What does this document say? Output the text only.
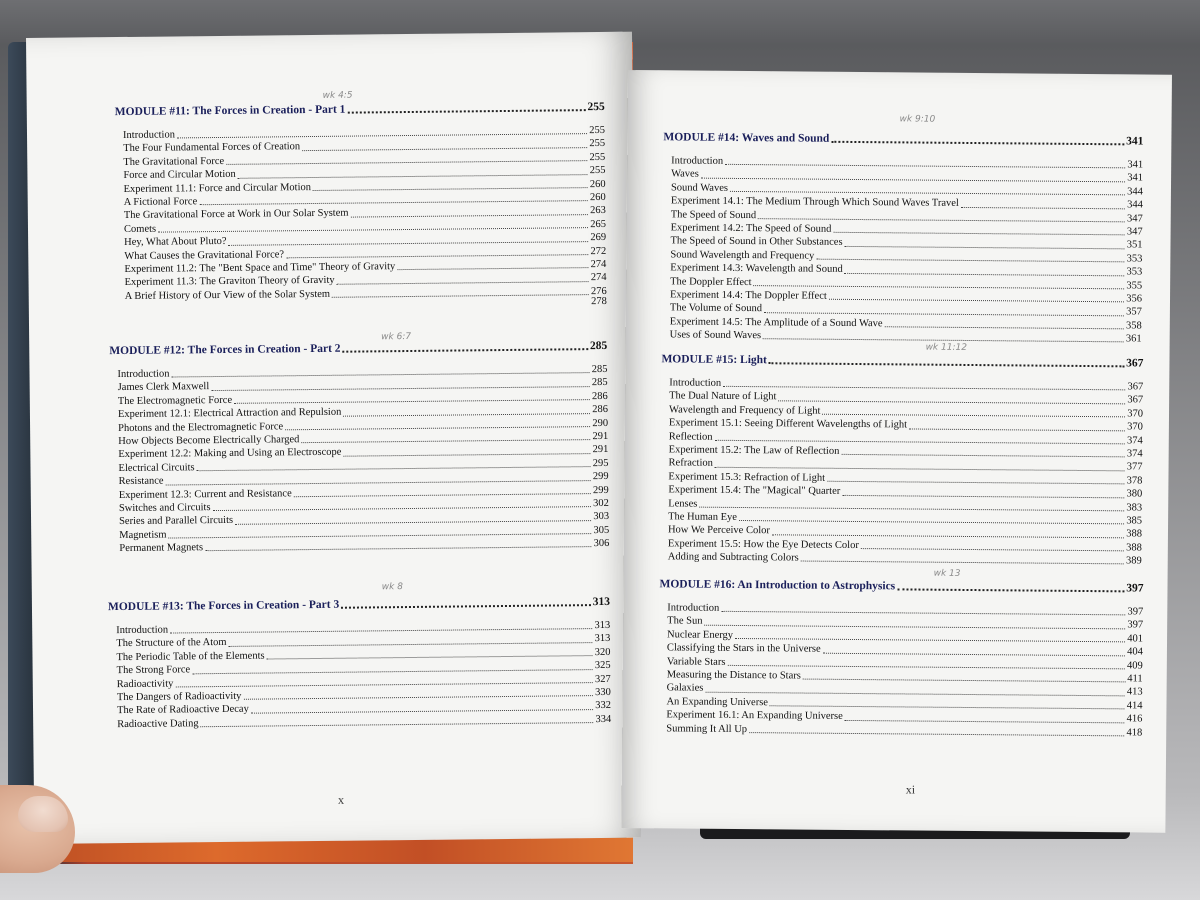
MODULE #11: The Forces in Creation - Part 1	255
Introduction	255
The Four Fundamental Forces of Creation	255
The Gravitational Force	255
Force and Circular Motion	255
Experiment 11.1: Force and Circular Motion	260
A Fictional Force	260
The Gravitational Force at Work in Our Solar System	263
Comets	265
Hey, What About Pluto?	269
What Causes the Gravitational Force?	272
Experiment 11.2: The "Bent Space and Time" Theory of Gravity	274
Experiment 11.3: The Graviton Theory of Gravity	274
A Brief History of Our View of the Solar System	276
278
wk 4:5
MODULE #12: The Forces in Creation - Part 2	285
Introduction	285
James Clerk Maxwell	285
The Electromagnetic Force	286
Experiment 12.1: Electrical Attraction and Repulsion	286
Photons and the Electromagnetic Force	290
How Objects Become Electrically Charged	291
Experiment 12.2: Making and Using an Electroscope	291
Electrical Circuits	295
Resistance	299
Experiment 12.3: Current and Resistance	299
Switches and Circuits	302
Series and Parallel Circuits	303
Magnetism	305
Permanent Magnets	306
wk 6:7
MODULE #13: The Forces in Creation - Part 3	313
Introduction	313
The Structure of the Atom	313
The Periodic Table of the Elements	320
The Strong Force	325
Radioactivity	327
The Dangers of Radioactivity	330
The Rate of Radioactive Decay	332
Radioactive Dating	334
wk 8
x
MODULE #14: Waves and Sound	341
Introduction	341
Waves	341
Sound Waves	344
Experiment 14.1: The Medium Through Which Sound Waves Travel	344
The Speed of Sound	347
Experiment 14.2: The Speed of Sound	347
The Speed of Sound in Other Substances	351
Sound Wavelength and Frequency	353
Experiment 14.3: Wavelength and Sound	353
The Doppler Effect	355
Experiment 14.4: The Doppler Effect	356
The Volume of Sound	357
Experiment 14.5: The Amplitude of a Sound Wave	358
Uses of Sound Waves	361
wk 9:10
MODULE #15: Light	367
Introduction	367
The Dual Nature of Light	367
Wavelength and Frequency of Light	370
Experiment 15.1: Seeing Different Wavelengths of Light	370
Reflection	374
Experiment 15.2: The Law of Reflection	374
Refraction	377
Experiment 15.3: Refraction of Light	378
Experiment 15.4: The "Magical" Quarter	380
Lenses	383
The Human Eye	385
How We Perceive Color	388
Experiment 15.5: How the Eye Detects Color	388
Adding and Subtracting Colors	389
wk 11:12
MODULE #16: An Introduction to Astrophysics	397
Introduction	397
The Sun	397
Nuclear Energy	401
Classifying the Stars in the Universe	404
Variable Stars	409
Measuring the Distance to Stars	411
Galaxies	413
An Expanding Universe	414
Experiment 16.1: An Expanding Universe	416
Summing It All Up	418
wk 13
xi
